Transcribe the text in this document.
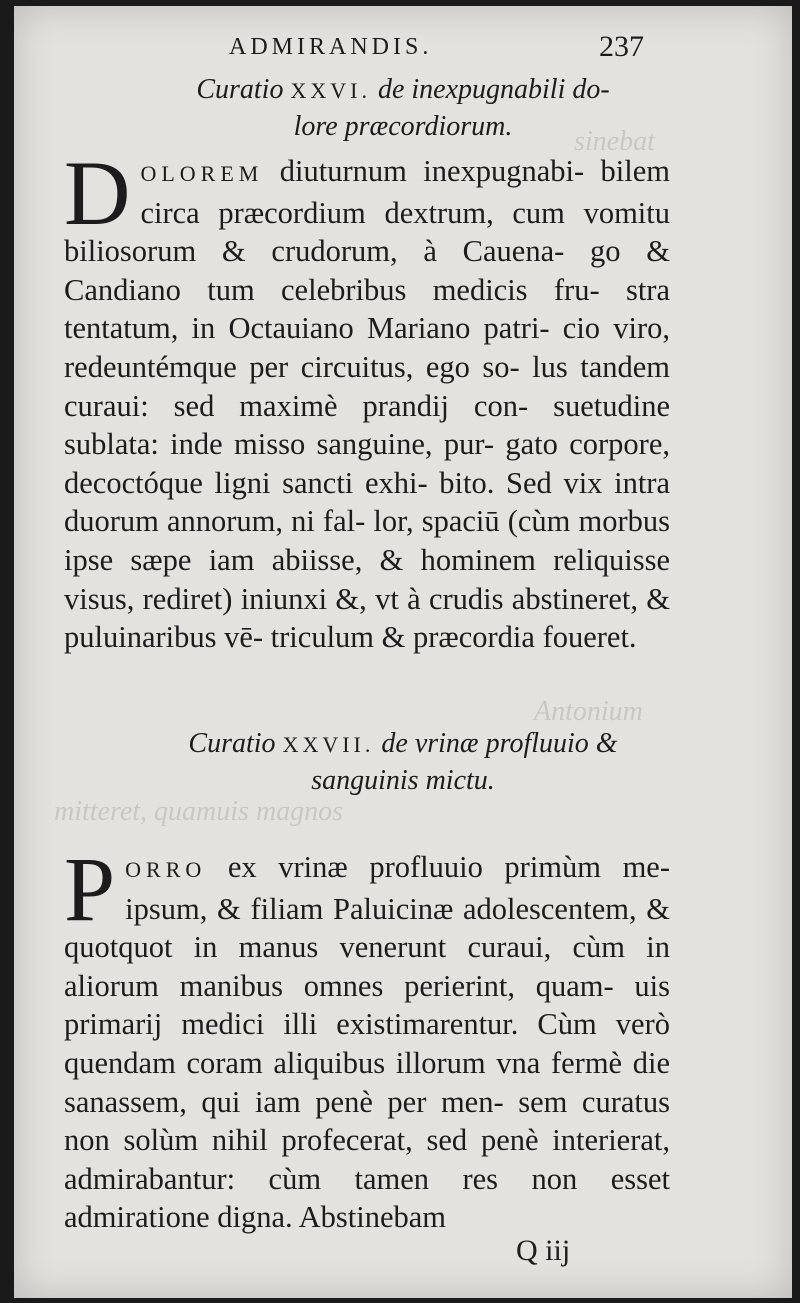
sinebat
Antonium
mitteret, quamuis magnos
ADMIRANDIS.	237
Curatio XXVI. de inexpugnabili do-
lore præcordiorum.
D OLOREM diuturnum inexpugnabi- bilem circa præcordium dextrum, cum vomitu biliosorum & crudorum, à Cauena- go & Candiano tum celebribus medicis fru- stra tentatum, in Octauiano Mariano patri- cio viro, redeuntémque per circuitus, ego so- lus tandem curaui: sed maximè prandij con- suetudine sublata: inde misso sanguine, pur- gato corpore, decoctóque ligni sancti exhi- bito. Sed vix intra duorum annorum, ni fal- lor, spaciū (cùm morbus ipse sæpe iam abiisse, & hominem reliquisse visus, rediret) iniunxi &, vt à crudis abstineret, & puluinaribus vē- triculum & præcordia foueret.
Curatio XXVII. de vrinæ profluuio &
sanguinis mictu.
P ORRO ex vrinæ profluuio primùm me- ipsum, & filiam Paluicinæ adolescentem, & quotquot in manus venerunt curaui, cùm in aliorum manibus omnes perierint, quam- uis primarij medici illi existimarentur. Cùm verò quendam coram aliquibus illorum vna fermè die sanassem, qui iam penè per men- sem curatus non solùm nihil profecerat, sed penè interierat, admirabantur: cùm tamen res non esset admiratione digna. Abstinebam
Q iij
